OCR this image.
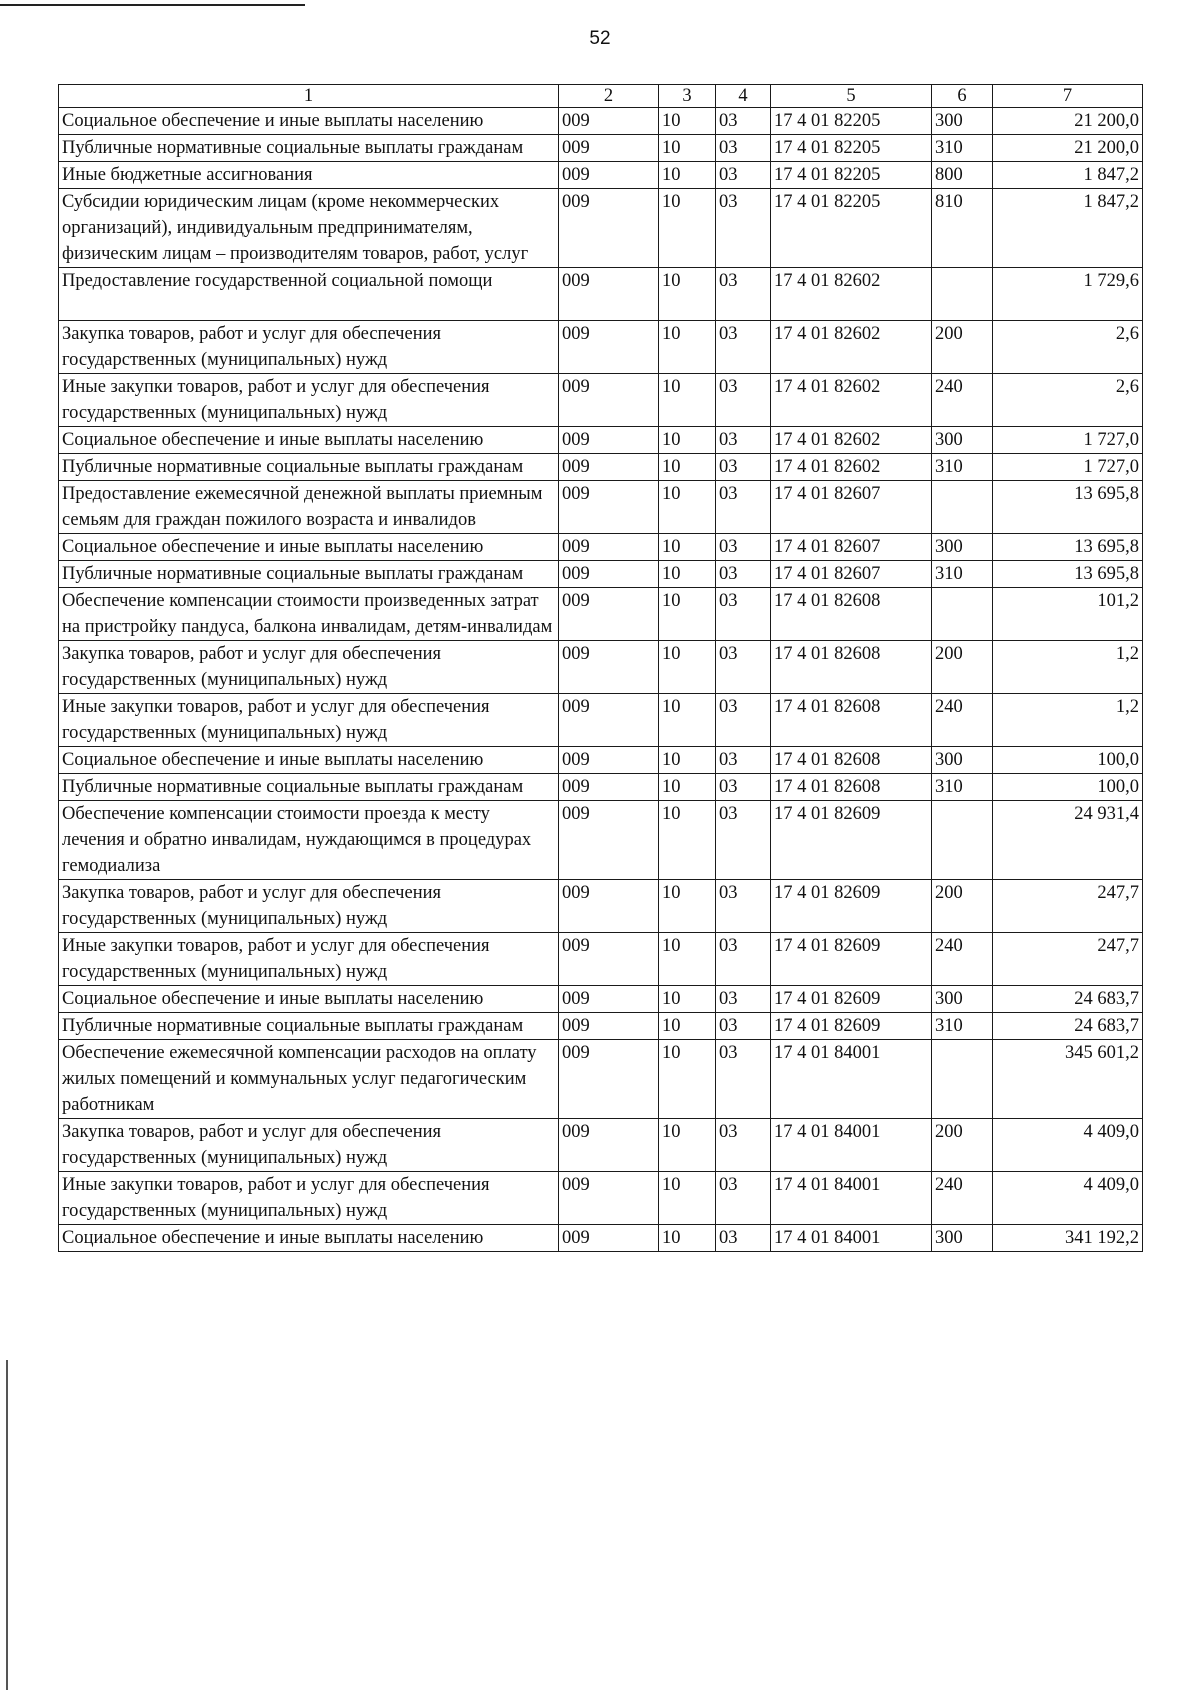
52
1	2	3	4	5	6	7
Социальное обеспечение и иные выплаты населению	009	10	03	17 4 01 82205	300	21 200,0
Публичные нормативные социальные выплаты гражданам	009	10	03	17 4 01 82205	310	21 200,0
Иные бюджетные ассигнования	009	10	03	17 4 01 82205	800	1 847,2
Субсидии юридическим лицам (кроме некоммерческих организаций), индивидуальным предпринимателям, физическим лицам – производителям товаров, работ, услуг	009	10	03	17 4 01 82205	810	1 847,2
Предоставление государственной социальной помощи	009	10	03	17 4 01 82602		1 729,6
Закупка товаров, работ и услуг для обеспечения государственных (муниципальных) нужд	009	10	03	17 4 01 82602	200	2,6
Иные закупки товаров, работ и услуг для обеспечения государственных (муниципальных) нужд	009	10	03	17 4 01 82602	240	2,6
Социальное обеспечение и иные выплаты населению	009	10	03	17 4 01 82602	300	1 727,0
Публичные нормативные социальные выплаты гражданам	009	10	03	17 4 01 82602	310	1 727,0
Предоставление ежемесячной денежной выплаты приемным семьям для граждан пожилого возраста и инвалидов	009	10	03	17 4 01 82607		13 695,8
Социальное обеспечение и иные выплаты населению	009	10	03	17 4 01 82607	300	13 695,8
Публичные нормативные социальные выплаты гражданам	009	10	03	17 4 01 82607	310	13 695,8
Обеспечение компенсации стоимости произведенных затрат на пристройку пандуса, балкона инвалидам, детям-инвалидам	009	10	03	17 4 01 82608		101,2
Закупка товаров, работ и услуг для обеспечения государственных (муниципальных) нужд	009	10	03	17 4 01 82608	200	1,2
Иные закупки товаров, работ и услуг для обеспечения государственных (муниципальных) нужд	009	10	03	17 4 01 82608	240	1,2
Социальное обеспечение и иные выплаты населению	009	10	03	17 4 01 82608	300	100,0
Публичные нормативные социальные выплаты гражданам	009	10	03	17 4 01 82608	310	100,0
Обеспечение компенсации стоимости проезда к месту лечения и обратно инвалидам, нуждающимся в процедурах гемодиализа	009	10	03	17 4 01 82609		24 931,4
Закупка товаров, работ и услуг для обеспечения государственных (муниципальных) нужд	009	10	03	17 4 01 82609	200	247,7
Иные закупки товаров, работ и услуг для обеспечения государственных (муниципальных) нужд	009	10	03	17 4 01 82609	240	247,7
Социальное обеспечение и иные выплаты населению	009	10	03	17 4 01 82609	300	24 683,7
Публичные нормативные социальные выплаты гражданам	009	10	03	17 4 01 82609	310	24 683,7
Обеспечение ежемесячной компенсации расходов на оплату жилых помещений и коммунальных услуг педагогическим работникам	009	10	03	17 4 01 84001		345 601,2
Закупка товаров, работ и услуг для обеспечения государственных (муниципальных) нужд	009	10	03	17 4 01 84001	200	4 409,0
Иные закупки товаров, работ и услуг для обеспечения государственных (муниципальных) нужд	009	10	03	17 4 01 84001	240	4 409,0
Социальное обеспечение и иные выплаты населению	009	10	03	17 4 01 84001	300	341 192,2
